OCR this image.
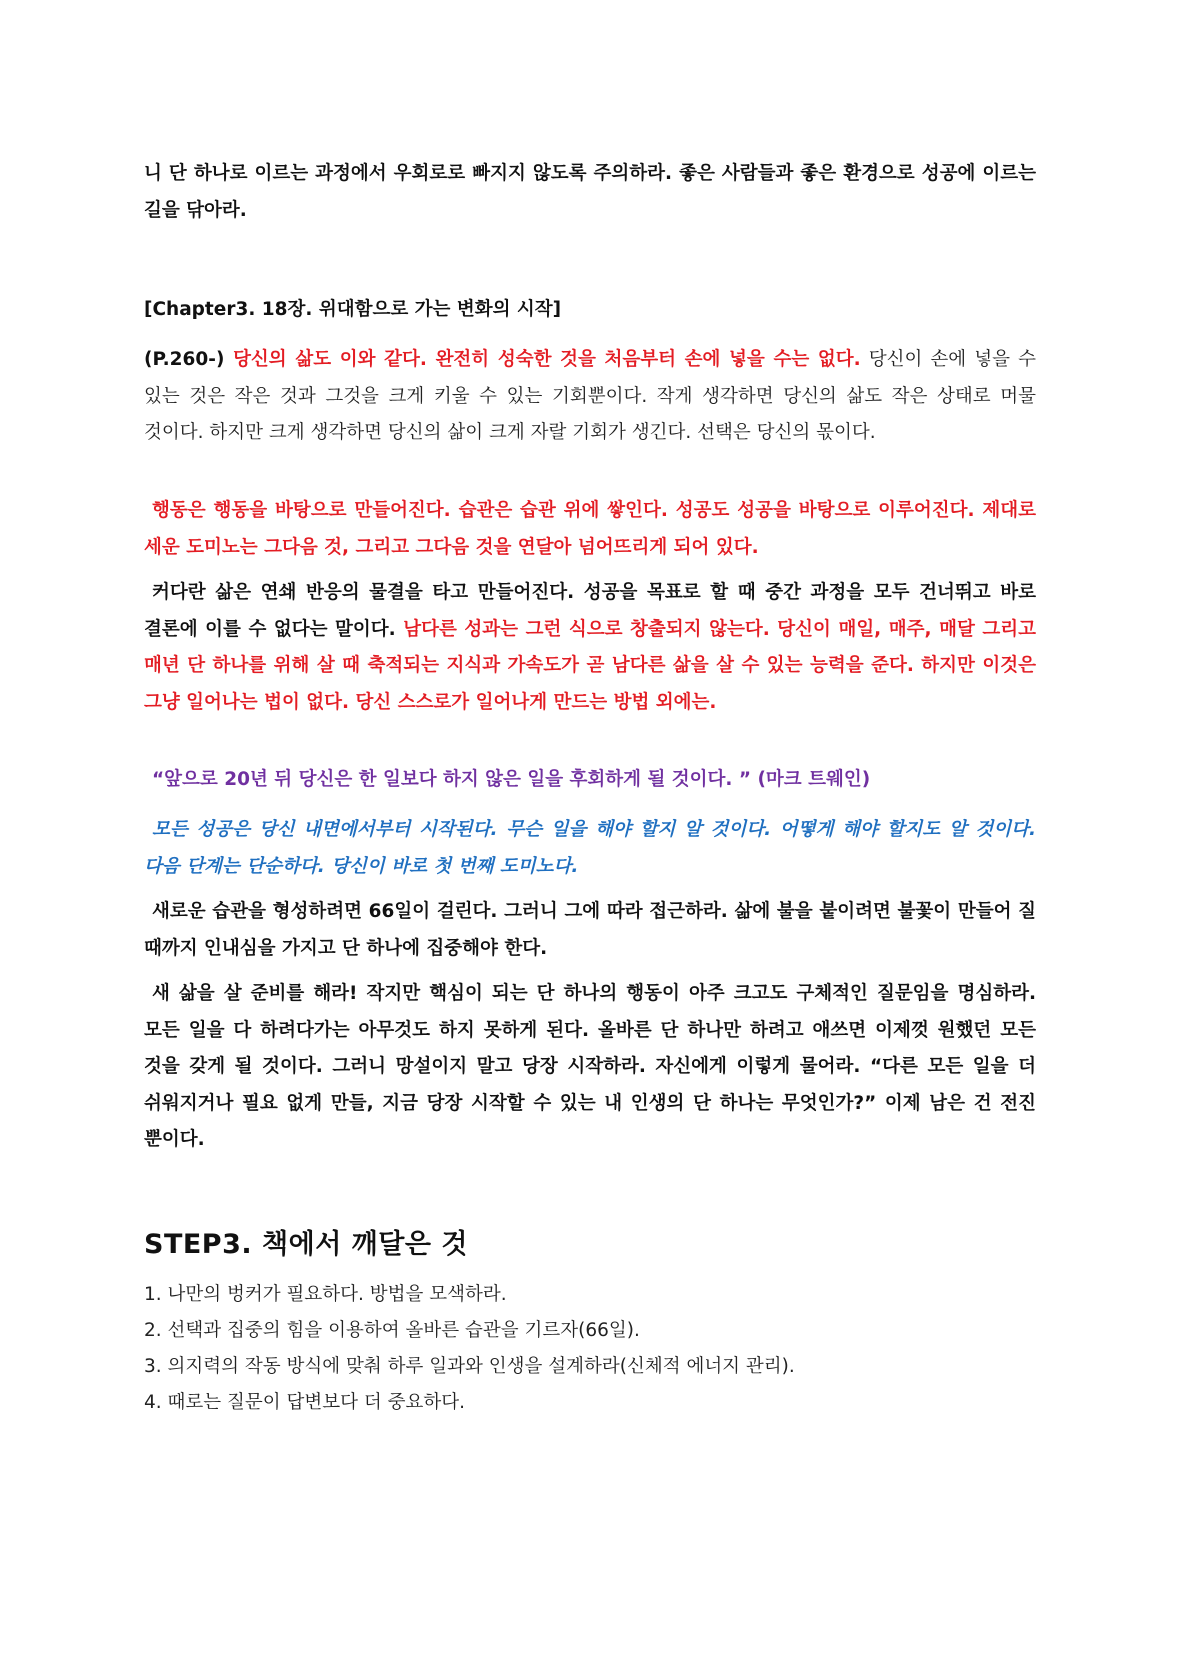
니 단 하나로 이르는 과정에서 우회로로 빠지지 않도록 주의하라. 좋은 사람들과 좋은 환경으로 성공에 이르는 길을 닦아라.

[Chapter3. 18장. 위대함으로 가는 변화의 시작]

(P.260-) 당신의 삶도 이와 같다. 완전히 성숙한 것을 처음부터 손에 넣을 수는 없다. 당신이 손에 넣을 수 있는 것은 작은 것과 그것을 크게 키울 수 있는 기회뿐이다. 작게 생각하면 당신의 삶도 작은 상태로 머물 것이다. 하지만 크게 생각하면 당신의 삶이 크게 자랄 기회가 생긴다. 선택은 당신의 몫이다.

행동은 행동을 바탕으로 만들어진다. 습관은 습관 위에 쌓인다. 성공도 성공을 바탕으로 이루어진다. 제대로 세운 도미노는 그다음 것, 그리고 그다음 것을 연달아 넘어뜨리게 되어 있다.

커다란 삶은 연쇄 반응의 물결을 타고 만들어진다. 성공을 목표로 할 때 중간 과정을 모두 건너뛰고 바로 결론에 이를 수 없다는 말이다. 남다른 성과는 그런 식으로 창출되지 않는다. 당신이 매일, 매주, 매달 그리고 매년 단 하나를 위해 살 때 축적되는 지식과 가속도가 곧 남다른 삶을 살 수 있는 능력을 준다. 하지만 이것은 그냥 일어나는 법이 없다. 당신 스스로가 일어나게 만드는 방법 외에는.

“앞으로 20년 뒤 당신은 한 일보다 하지 않은 일을 후회하게 될 것이다. ” (마크 트웨인)

모든 성공은 당신 내면에서부터 시작된다. 무슨 일을 해야 할지 알 것이다. 어떻게 해야 할지도 알 것이다. 다음 단계는 단순하다. 당신이 바로 첫 번째 도미노다.

새로운 습관을 형성하려면 66일이 걸린다. 그러니 그에 따라 접근하라. 삶에 불을 붙이려면 불꽃이 만들어 질 때까지 인내심을 가지고 단 하나에 집중해야 한다.

새 삶을 살 준비를 해라! 작지만 핵심이 되는 단 하나의 행동이 아주 크고도 구체적인 질문임을 명심하라. 모든 일을 다 하려다가는 아무것도 하지 못하게 된다. 올바른 단 하나만 하려고 애쓰면 이제껏 원했던 모든 것을 갖게 될 것이다. 그러니 망설이지 말고 당장 시작하라. 자신에게 이렇게 물어라. “다른 모든 일을 더 쉬워지거나 필요 없게 만들, 지금 당장 시작할 수 있는 내 인생의 단 하나는 무엇인가?” 이제 남은 건 전진 뿐이다.

STEP3. 책에서 깨달은 것
1. 나만의 벙커가 필요하다. 방법을 모색하라.
2. 선택과 집중의 힘을 이용하여 올바른 습관을 기르자(66일).
3. 의지력의 작동 방식에 맞춰 하루 일과와 인생을 설계하라(신체적 에너지 관리).
4. 때로는 질문이 답변보다 더 중요하다.
